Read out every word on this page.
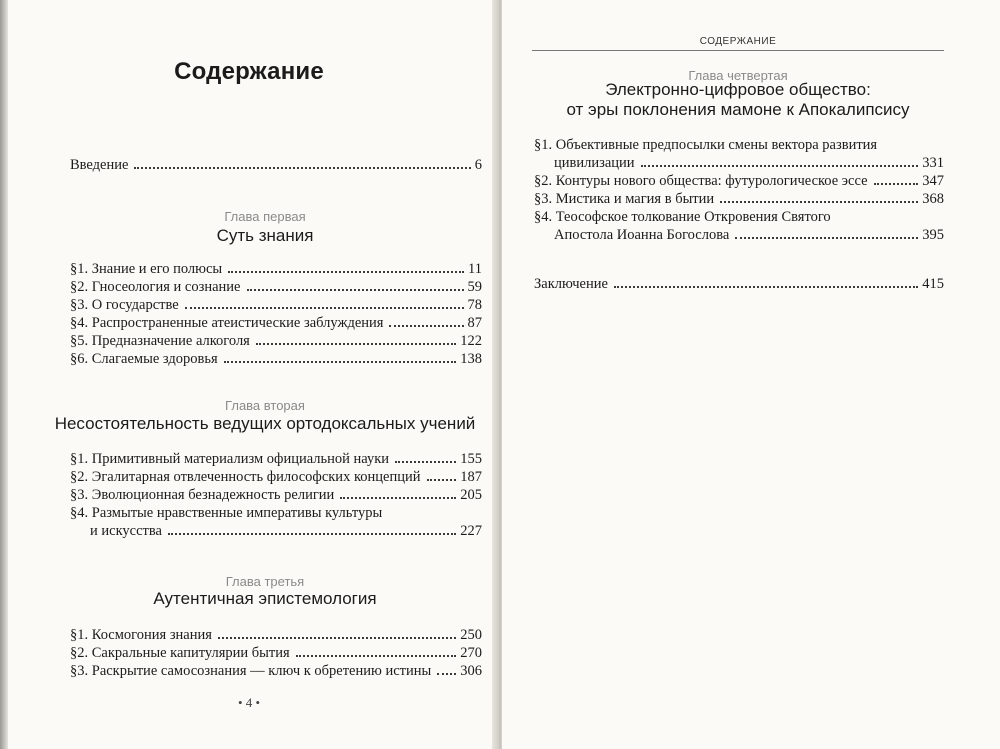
Содержание
Введение	6

Глава первая

Суть знания

§1. Знание и его полюсы	11
§2. Гносеология и сознание	59
§3. О государстве	78
§4. Распространенные атеистические заблуждения	87
§5. Предназначение алкоголя	122
§6. Слагаемые здоровья	138

Глава вторая

Несостоятельность ведущих ортодоксальных учений

§1. Примитивный материализм официальной науки	155
§2. Эгалитарная отвлеченность философских концепций	187
§3. Эволюционная безнадежность религии	205
§4. Размытые нравственные императивы культуры
и искусства	227

Глава третья

Аутентичная эпистемология

§1. Космогония знания	250
§2. Сакральные капитулярии бытия	270
§3. Раскрытие самосознания — ключ к обретению истины 306
• 4 •
СОДЕРЖАНИЕ

Глава четвертая

Электронно-цифровое общество:

от эры поклонения мамоне к Апокалипсису

§1. Объективные предпосылки смены вектора развития
цивилизации	331
§2. Контуры нового общества: футурологическое эссе	347
§3. Мистика и магия в бытии	368
§4. Теософское толкование Откровения Святого
Апостола Иоанна Богослова	395
Заключение	415
